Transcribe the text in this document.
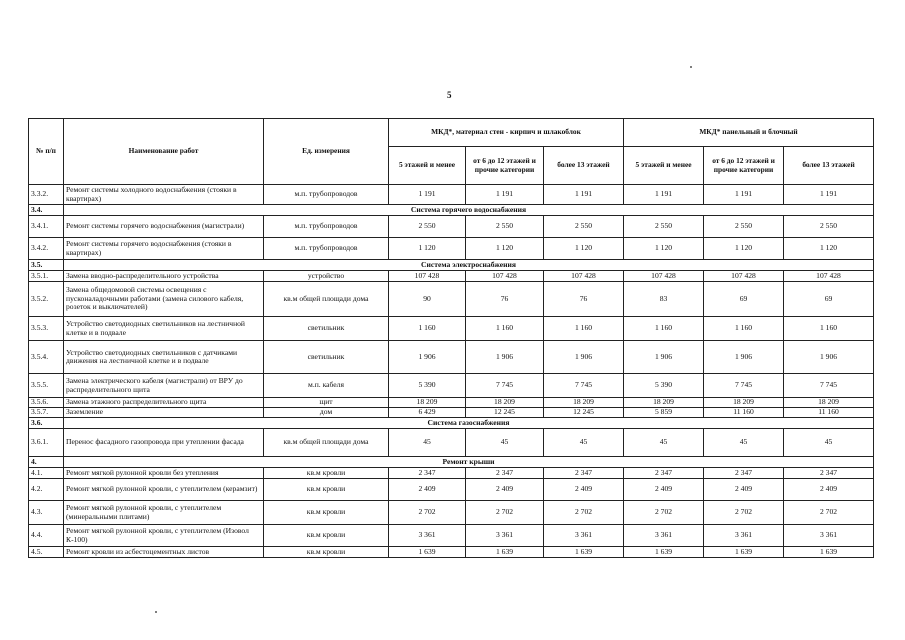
5
№ п/п	Наименование работ	Ед. измерения	МКД*, материал стен - кирпич и шлакоблок			МКД* панельный и блочный		
			5 этажей и менее	от 6 до 12 этажей и прочие категории	более 13 этажей	5 этажей и менее	от 6 до 12 этажей и прочие категории	более 13 этажей
3.3.2.	Ремонт системы холодного водоснабжения (стояки в квартирах)	м.п. трубопроводов	1 191	1 191	1 191	1 191	1 191	1 191
3.4.	Система горячего водоснабжения							
3.4.1.	Ремонт системы горячего водоснабжения (магистрали)	м.п. трубопроводов	2 550	2 550	2 550	2 550	2 550	2 550
3.4.2.	Ремонт системы горячего водоснабжения (стояки в квартирах)	м.п. трубопроводов	1 120	1 120	1 120	1 120	1 120	1 120
3.5.	Система электроснабжения							
3.5.1.	Замена вводно-распределительного устройства	устройство	107 428	107 428	107 428	107 428	107 428	107 428
3.5.2.	Замена общедомовой системы освещения с пусконаладочными работами (замена силового кабеля, розеток и выключателей)	кв.м общей площади дома	90	76	76	83	69	69
3.5.3.	Устройство светодиодных светильников на лестничной клетке и в подвале	светильник	1 160	1 160	1 160	1 160	1 160	1 160
3.5.4.	Устройство светодиодных светильников с датчиками движения на лестничной клетке и в подвале	светильник	1 906	1 906	1 906	1 906	1 906	1 906
3.5.5.	Замена электрического кабеля (магистрали) от ВРУ до распределительного щита	м.п. кабеля	5 390	7 745	7 745	5 390	7 745	7 745
3.5.6.	Замена этажного распределительного щита	щит	18 209	18 209	18 209	18 209	18 209	18 209
3.5.7.	Заземление	дом	6 429	12 245	12 245	5 859	11 160	11 160
3.6.	Система газоснабжения							
3.6.1.	Перенос фасадного газопровода при утеплении фасада	кв.м общей площади дома	45	45	45	45	45	45
4.	Ремонт крыши							
4.1.	Ремонт мягкой рулонной кровли без утепления	кв.м кровли	2 347	2 347	2 347	2 347	2 347	2 347
4.2.	Ремонт мягкой рулонной кровли, с утеплителем (керамзит)	кв.м кровли	2 409	2 409	2 409	2 409	2 409	2 409
4.3.	Ремонт мягкой рулонной кровли, с утеплителем (минеральными плитами)	кв.м кровли	2 702	2 702	2 702	2 702	2 702	2 702
4.4.	Ремонт мягкой рулонной кровли, с утеплителем (Изовол К-100)	кв.м кровли	3 361	3 361	3 361	3 361	3 361	3 361
4.5.	Ремонт кровли из асбестоцементных листов	кв.м кровли	1 639	1 639	1 639	1 639	1 639	1 639
